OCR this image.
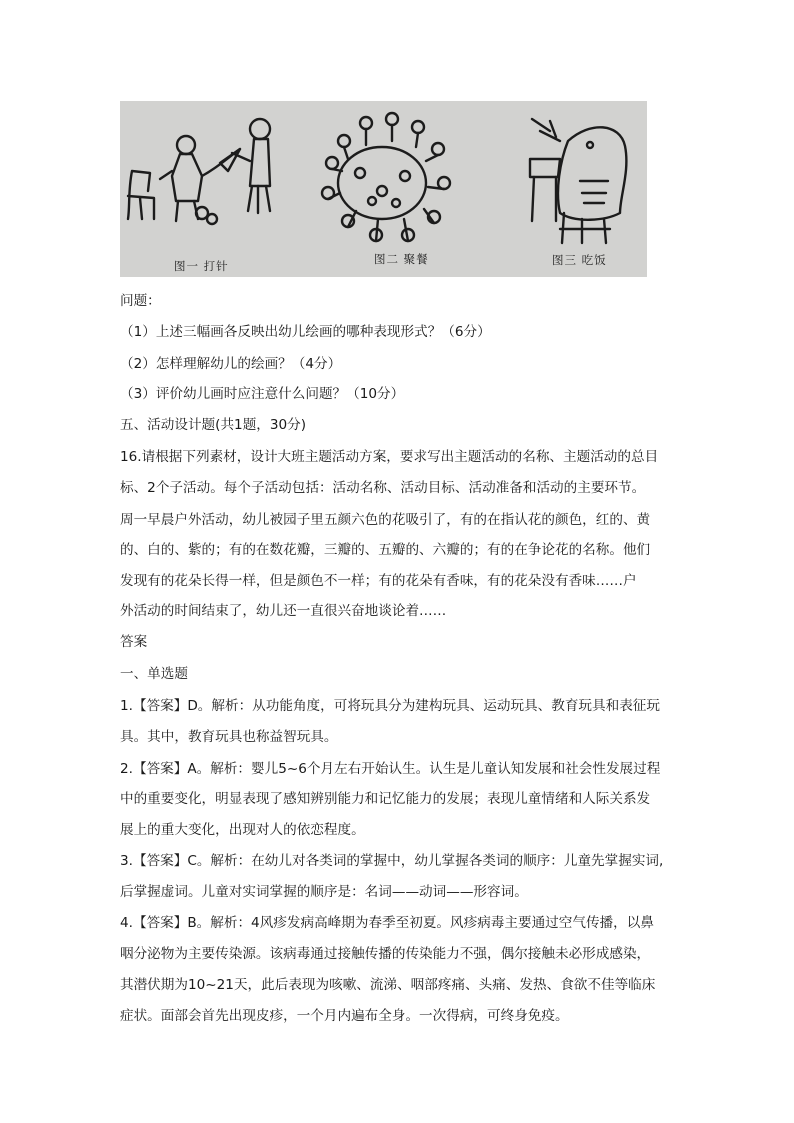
图一 打针	图二 聚餐	图三 吃饭
问题：
（1）上述三幅画各反映出幼儿绘画的哪种表现形式？（6分）
（2）怎样理解幼儿的绘画？（4分）
（3）评价幼儿画时应注意什么问题？（10分）
五、活动设计题(共1题，30分)
16.请根据下列素材，设计大班主题活动方案，要求写出主题活动的名称、主题活动的总目
标、2个子活动。每个子活动包括：活动名称、活动目标、活动准备和活动的主要环节。
周一早晨户外活动，幼儿被园子里五颜六色的花吸引了，有的在指认花的颜色，红的、黄
的、白的、紫的；有的在数花瓣，三瓣的、五瓣的、六瓣的；有的在争论花的名称。他们
发现有的花朵长得一样，但是颜色不一样；有的花朵有香味，有的花朵没有香味……户
外活动的时间结束了，幼儿还一直很兴奋地谈论着……
答案
一、单选题
1.【答案】D。解析：从功能角度，可将玩具分为建构玩具、运动玩具、教育玩具和表征玩
具。其中，教育玩具也称益智玩具。
2.【答案】A。解析：婴儿5~6个月左右开始认生。认生是儿童认知发展和社会性发展过程
中的重要变化，明显表现了感知辨别能力和记忆能力的发展；表现儿童情绪和人际关系发
展上的重大变化，出现对人的依恋程度。
3.【答案】C。解析：在幼儿对各类词的掌握中，幼儿掌握各类词的顺序：儿童先掌握实词,
后掌握虚词。儿童对实词掌握的顺序是：名词——动词——形容词。
4.【答案】B。解析：4风疹发病高峰期为春季至初夏。风疹病毒主要通过空气传播，以鼻
咽分泌物为主要传染源。该病毒通过接触传播的传染能力不强，偶尔接触未必形成感染，
其潜伏期为10~21天，此后表现为咳嗽、流涕、咽部疼痛、头痛、发热、食欲不佳等临床
症状。面部会首先出现皮疹，一个月内遍布全身。一次得病，可终身免疫。
